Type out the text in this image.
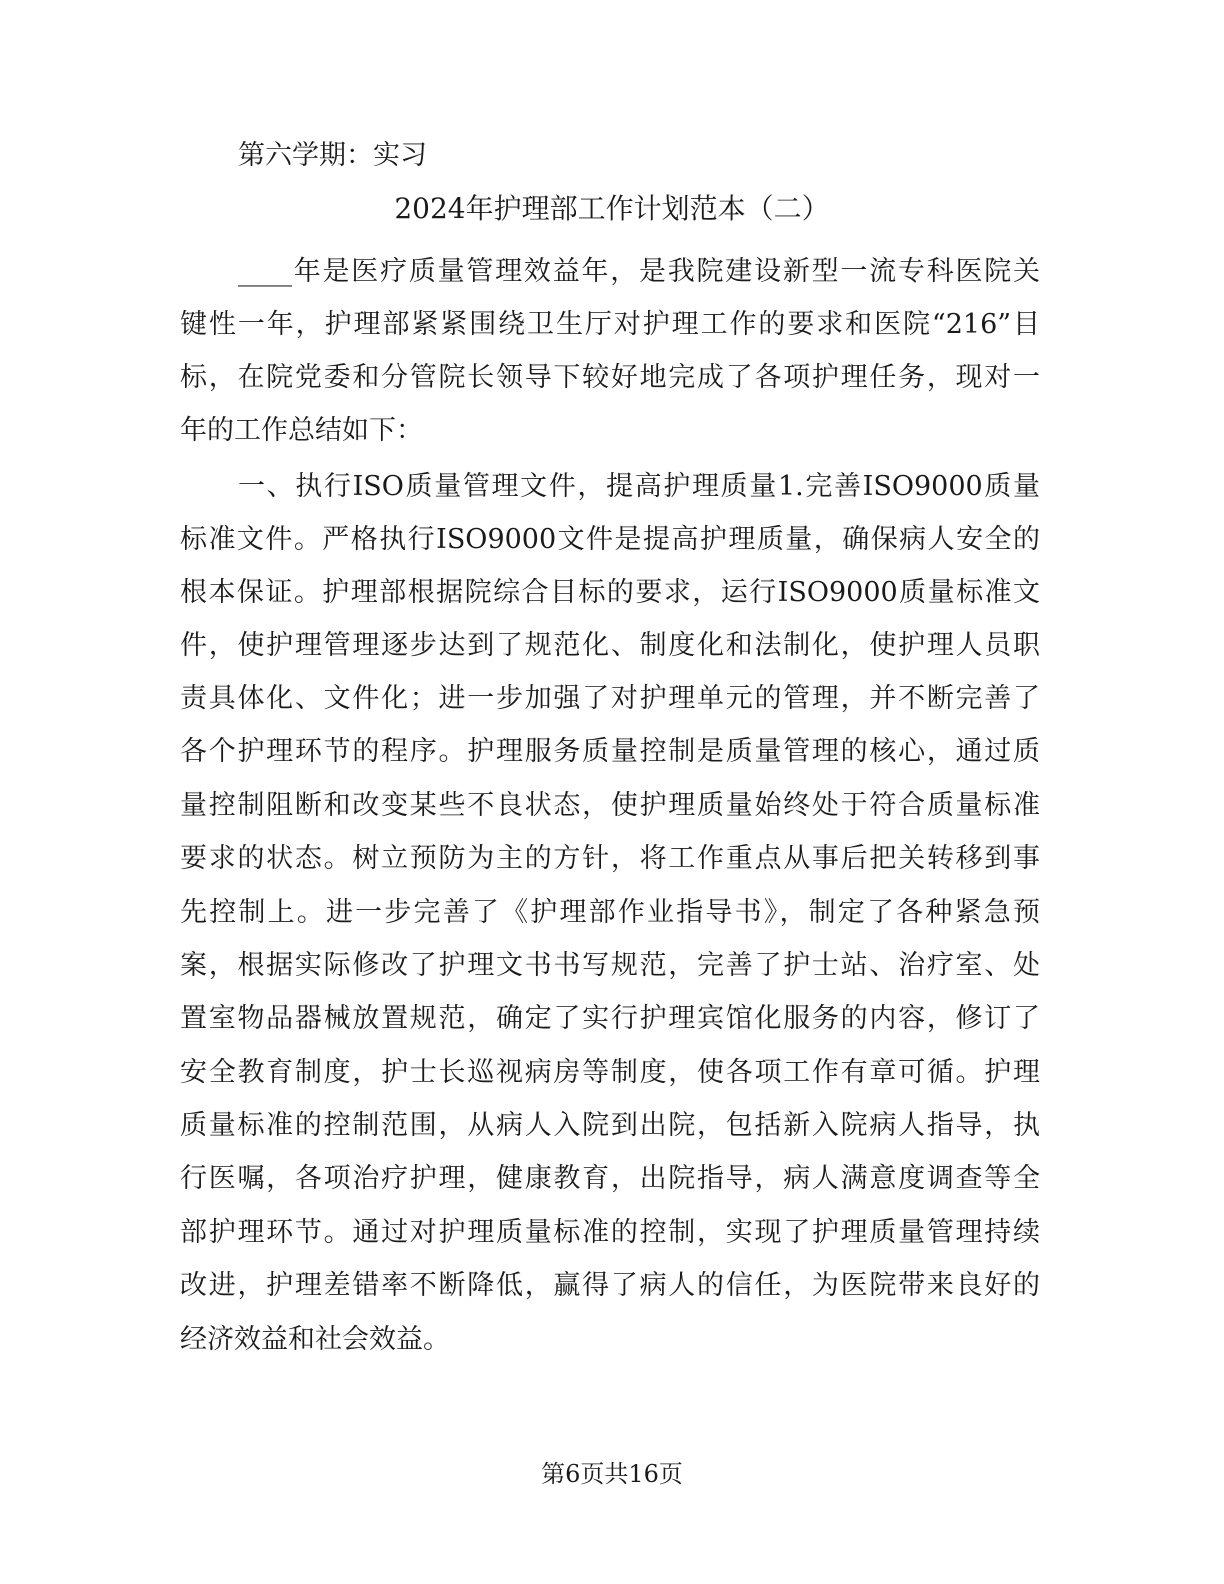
第六学期：实习
2024年护理部工作计划范本（二）
____年是医疗质量管理效益年，是我院建设新型一流专科医院关
键性一年，护理部紧紧围绕卫生厅对护理工作的要求和医院“216”目
标，在院党委和分管院长领导下较好地完成了各项护理任务，现对一
年的工作总结如下：
一、执行ISO质量管理文件，提高护理质量1.完善ISO9000质量
标准文件。严格执行ISO9000文件是提高护理质量，确保病人安全的
根本保证。护理部根据院综合目标的要求，运行ISO9000质量标准文
件，使护理管理逐步达到了规范化、制度化和法制化，使护理人员职
责具体化、文件化；进一步加强了对护理单元的管理，并不断完善了
各个护理环节的程序。护理服务质量控制是质量管理的核心，通过质
量控制阻断和改变某些不良状态，使护理质量始终处于符合质量标准
要求的状态。树立预防为主的方针，将工作重点从事后把关转移到事
先控制上。进一步完善了《护理部作业指导书》，制定了各种紧急预
案，根据实际修改了护理文书书写规范，完善了护士站、治疗室、处
置室物品器械放置规范，确定了实行护理宾馆化服务的内容，修订了
安全教育制度，护士长巡视病房等制度，使各项工作有章可循。护理
质量标准的控制范围，从病人入院到出院，包括新入院病人指导，执
行医嘱，各项治疗护理，健康教育，出院指导，病人满意度调查等全
部护理环节。通过对护理质量标准的控制，实现了护理质量管理持续
改进，护理差错率不断降低，赢得了病人的信任，为医院带来良好的
经济效益和社会效益。
第6页共16页
